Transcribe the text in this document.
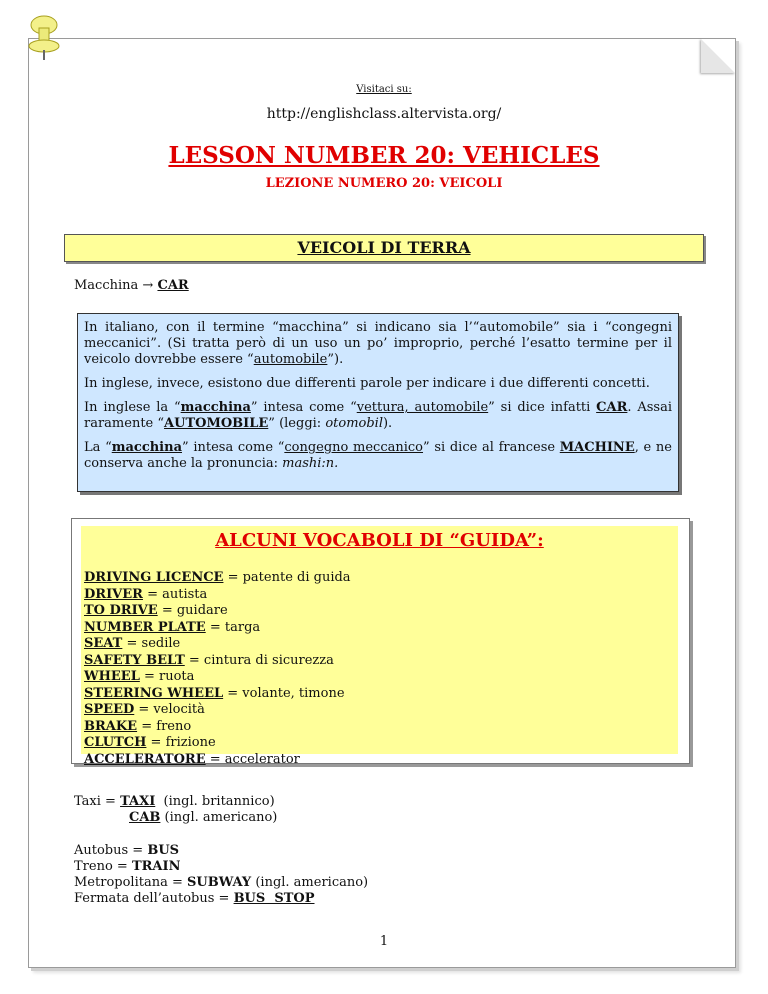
Visitaci su:
http://englishclass.altervista.org/
LESSON NUMBER 20: VEHICLES
LEZIONE NUMERO 20: VEICOLI
VEICOLI DI TERRA
Macchina → CAR

In italiano, con il termine “macchina” si indicano sia l’“automobile” sia i “congegni meccanici”. (Si tratta però di un uso un po’ improprio, perché l’esatto termine per il veicolo dovrebbe essere “automobile”).

In inglese, invece, esistono due differenti parole per indicare i due differenti concetti.

In inglese la “macchina” intesa come “vettura, automobile” si dice infatti CAR. Assai raramente “AUTOMOBILE” (leggi: otomobil).

La “macchina” intesa come “congegno meccanico” si dice al francese MACHINE, e ne conserva anche la pronuncia: mashi:n.

ALCUNI VOCABOLI DI “GUIDA”:
DRIVING LICENCE = patente di guida
DRIVER = autista
TO DRIVE = guidare
NUMBER PLATE = targa
SEAT = sedile
SAFETY BELT = cintura di sicurezza
WHEEL = ruota
STEERING WHEEL = volante, timone
SPEED = velocità
BRAKE = freno
CLUTCH = frizione
ACCELERATORE = accelerator
Taxi = TAXI  (ingl. britannico)
CAB (ingl. americano)
Autobus = BUS
Treno = TRAIN
Metropolitana = SUBWAY (ingl. americano)
Fermata dell’autobus = BUS  STOP
1
